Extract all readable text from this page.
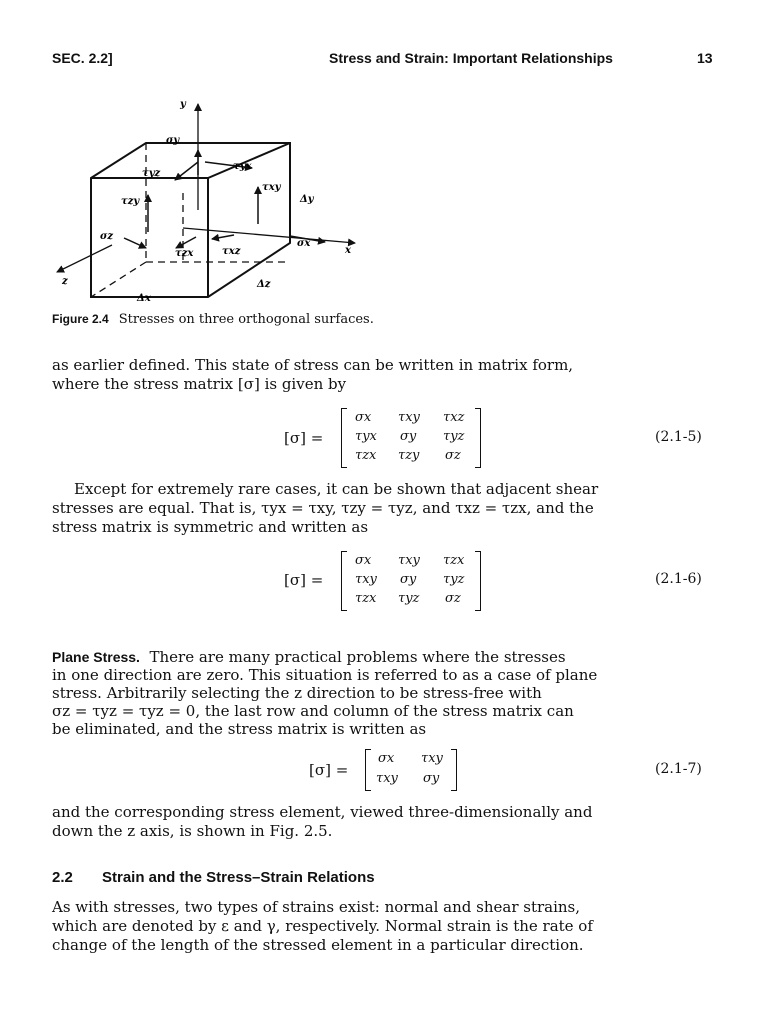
SEC. 2.2]	Stress and Strain: Important Relationships	13
y
x
z
σy
τyx
τyz
τxy
τzy
σz
σx
τzx	τxz
Δx
Δy
Δz
Figure 2.4 Stresses on three orthogonal surfaces.
as earlier defined. This state of stress can be written in matrix form,
where the stress matrix [σ] is given by
[σ] =
σx τxy τxz
τyx σy τyz
τzx τzy σz
(2.1-5)
Except for extremely rare cases, it can be shown that adjacent shear
stresses are equal. That is, τyx = τxy, τzy = τyz, and τxz = τzx, and the
stress matrix is symmetric and written as
[σ] =
σx τxy τzx
τxy σy τyz
τzx τyz σz
(2.1-6)
Plane Stress. There are many practical problems where the stresses
in one direction are zero. This situation is referred to as a case of plane
stress. Arbitrarily selecting the z direction to be stress-free with
σz = τyz = τyz = 0, the last row and column of the stress matrix can
be eliminated, and the stress matrix is written as
[σ] =
σx τxy
τxy σy
(2.1-7)
and the corresponding stress element, viewed three-dimensionally and
down the z axis, is shown in Fig. 2.5.
2.2 Strain and the Stress–Strain Relations
As with stresses, two types of strains exist: normal and shear strains,
which are denoted by ε and γ, respectively. Normal strain is the rate of
change of the length of the stressed element in a particular direction.
